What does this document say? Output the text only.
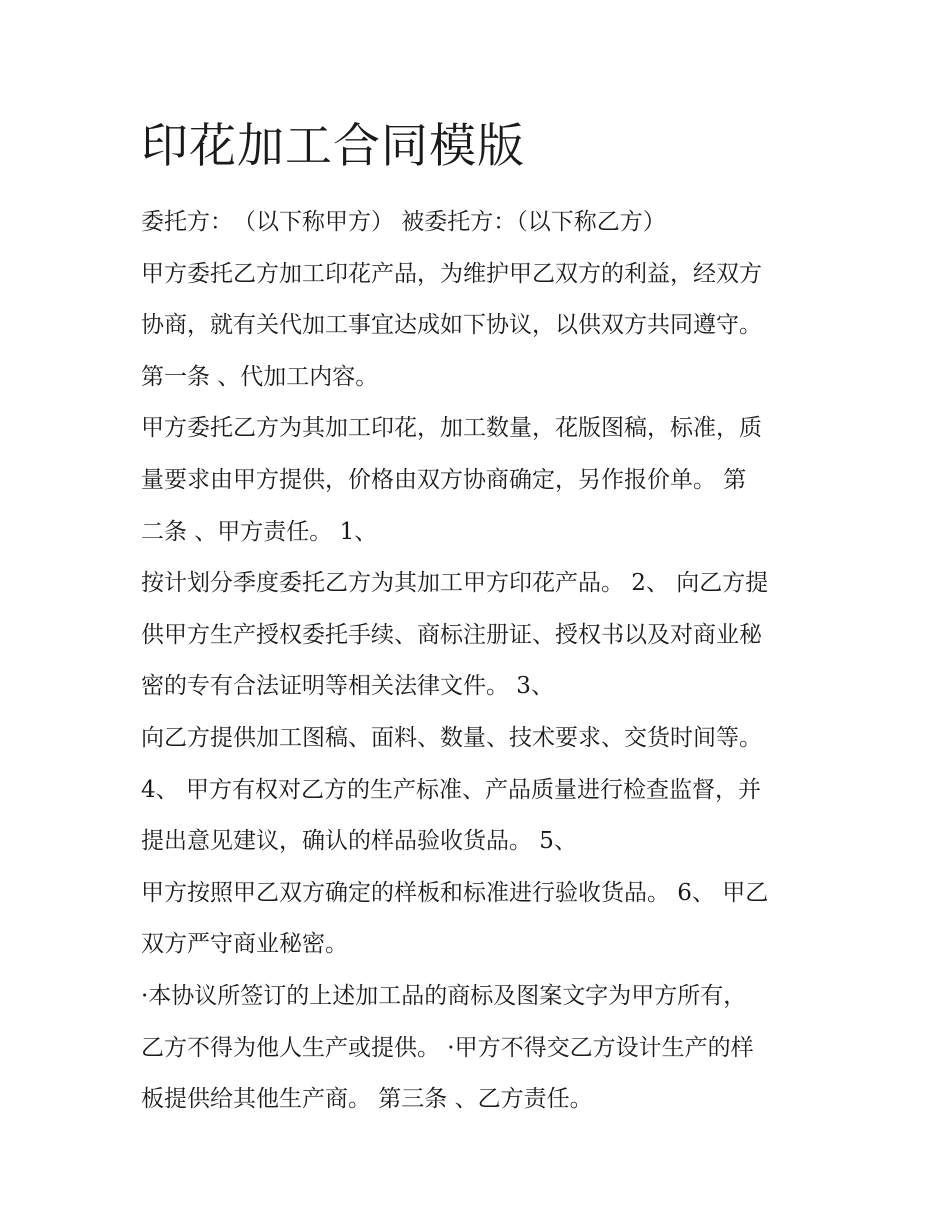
印花加工合同模版
委托方：　（以下称甲方） 被委托方：（以下称乙方）
甲方委托乙方加工印花产品，为维护甲乙双方的利益，经双方
协商，就有关代加工事宜达成如下协议，以供双方共同遵守。
第一条 、代加工内容。
甲方委托乙方为其加工印花，加工数量，花版图稿，标准，质
量要求由甲方提供，价格由双方协商确定，另作报价单。 第
二条 、甲方责任。 1、
按计划分季度委托乙方为其加工甲方印花产品。 2、 向乙方提
供甲方生产授权委托手续、商标注册证、授权书以及对商业秘
密的专有合法证明等相关法律文件。 3、
向乙方提供加工图稿、面料、数量、技术要求、交货时间等。
4、 甲方有权对乙方的生产标准、产品质量进行检查监督，并
提出意见建议，确认的样品验收货品。 5、
甲方按照甲乙双方确定的样板和标准进行验收货品。 6、 甲乙
双方严守商业秘密。
·本协议所签订的上述加工品的商标及图案文字为甲方所有，
乙方不得为他人生产或提供。 ·甲方不得交乙方设计生产的样
板提供给其他生产商。 第三条 、乙方责任。
